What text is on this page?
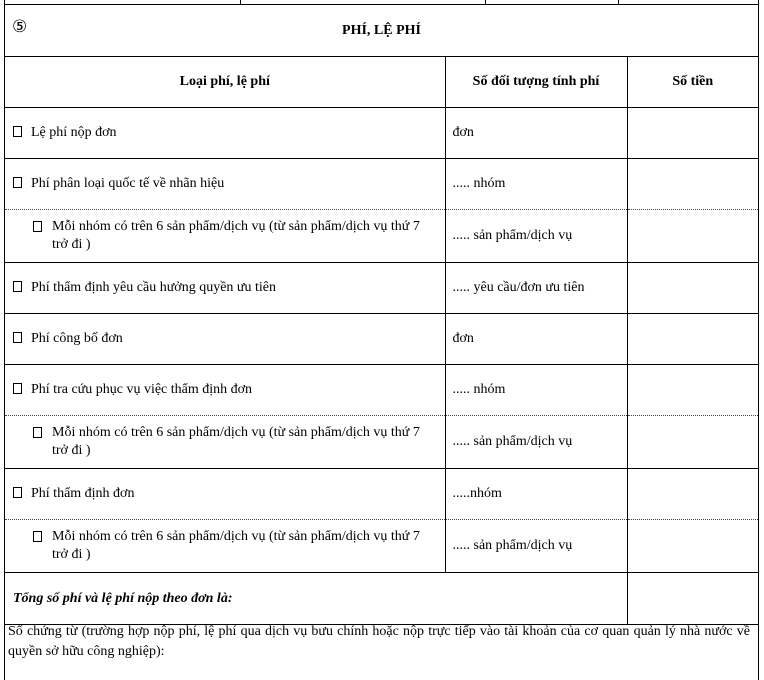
⑤	PHÍ, LỆ PHÍ
Loại phí, lệ phí	Số đối tượng tính phí	Số tiền
Lệ phí nộp đơn	đơn	
Phí phân loại quốc tế về nhãn hiệu	..... nhóm	

Mỗi nhóm có trên 6 sản phẩm/dịch vụ (từ sản phẩm/dịch vụ thứ 7 trở đi )	..... sản phẩm/dịch vụ	
Phí thẩm định yêu cầu hưởng quyền ưu tiên	..... yêu cầu/đơn ưu tiên	
Phí công bố đơn	đơn	
Phí tra cứu phục vụ việc thẩm định đơn	..... nhóm	

Mỗi nhóm có trên 6 sản phẩm/dịch vụ (từ sản phẩm/dịch vụ thứ 7 trở đi )	..... sản phẩm/dịch vụ	
Phí thẩm định đơn	.....nhóm	

Mỗi nhóm có trên 6 sản phẩm/dịch vụ (từ sản phẩm/dịch vụ thứ 7 trở đi )	..... sản phẩm/dịch vụ	
Tổng số phí và lệ phí nộp theo đơn là:		
Số chứng từ (trường hợp nộp phí, lệ phí qua dịch vụ bưu chính hoặc nộp trực tiếp vào tài khoản của cơ quan quản lý nhà nước về quyền sở hữu công nghiệp):
